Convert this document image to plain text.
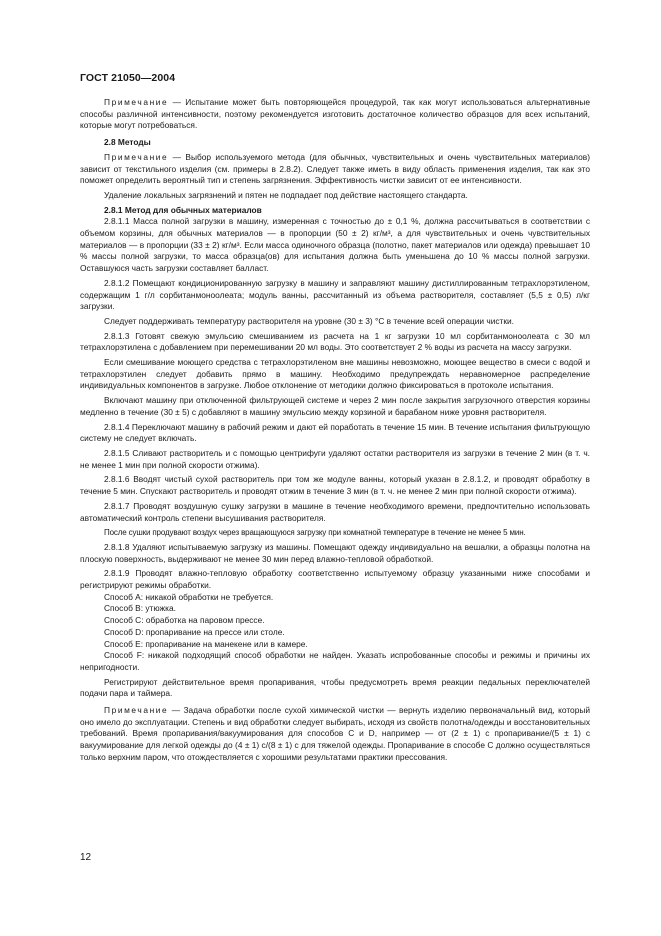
ГОСТ 21050—2004

Примечание — Испытание может быть повторяющейся процедурой, так как могут использоваться альтернативные способы различной интенсивности, поэтому рекомендуется изготовить достаточное количество образцов для всех испытаний, которые могут потребоваться.

2.8 Методы

Примечание — Выбор используемого метода (для обычных, чувствительных и очень чувствительных материалов) зависит от текстильного изделия (см. примеры в 2.8.2). Следует также иметь в виду область применения изделия, так как это поможет определить вероятный тип и степень загрязнения. Эффективность чистки зависит от ее интенсивности.

Удаление локальных загрязнений и пятен не подпадает под действие настоящего стандарта.

2.8.1 Метод для обычных материалов

2.8.1.1 Масса полной загрузки в машину, измеренная с точностью до ± 0,1 %, должна рассчитываться в соответствии с объемом корзины, для обычных материалов — в пропорции (50 ± 2) кг/м³, а для чувствительных и очень чувствительных материалов — в пропорции (33 ± 2) кг/м³. Если масса одиночного образца (полотно, пакет материалов или одежда) превышает 10 % массы полной загрузки, то масса образца(ов) для испытания должна быть уменьшена до 10 % массы полной загрузки. Оставшуюся часть загрузки составляет балласт.

2.8.1.2 Помещают кондиционированную загрузку в машину и заправляют машину дистиллированным тетрахлорэтиленом, содержащим 1 г/л сорбитанмоноолеата; модуль ванны, рассчитанный из объема растворителя, составляет (5,5 ± 0,5) л/кг загрузки.

Следует поддерживать температуру растворителя на уровне (30 ± 3) °С в течение всей операции чистки.

2.8.1.3 Готовят свежую эмульсию смешиванием из расчета на 1 кг загрузки 10 мл сорбитанмоноолеата с 30 мл тетрахлорэтилена с добавлением при перемешивании 20 мл воды. Это соответствует 2 % воды из расчета на массу загрузки.

Если смешивание моющего средства с тетрахлорэтиленом вне машины невозможно, моющее вещество в смеси с водой и тетрахлорэтилен следует добавить прямо в машину. Необходимо предупреждать неравномерное распределение индивидуальных компонентов в загрузке. Любое отклонение от методики должно фиксироваться в протоколе испытания.

Включают машину при отключенной фильтрующей системе и через 2 мин после закрытия загрузочного отверстия корзины медленно в течение (30 ± 5) с добавляют в машину эмульсию между корзиной и барабаном ниже уровня растворителя.

2.8.1.4 Переключают машину в рабочий режим и дают ей поработать в течение 15 мин. В течение испытания фильтрующую систему не следует включать.

2.8.1.5 Сливают растворитель и с помощью центрифуги удаляют остатки растворителя из загрузки в течение 2 мин (в т. ч. не менее 1 мин при полной скорости отжима).

2.8.1.6 Вводят чистый сухой растворитель при том же модуле ванны, который указан в 2.8.1.2, и проводят обработку в течение 5 мин. Спускают растворитель и проводят отжим в течение 3 мин (в т. ч. не менее 2 мин при полной скорости отжима).

2.8.1.7 Проводят воздушную сушку загрузки в машине в течение необходимого времени, предпочтительно использовать автоматический контроль степени высушивания растворителя.

После сушки продувают воздух через вращающуюся загрузку при комнатной температуре в течение не менее 5 мин.

2.8.1.8 Удаляют испытываемую загрузку из машины. Помещают одежду индивидуально на вешалки, а образцы полотна на плоскую поверхность, выдерживают не менее 30 мин перед влажно-тепловой обработкой.

2.8.1.9 Проводят влажно-тепловую обработку соответственно испытуемому образцу указанными ниже способами и регистрируют режимы обработки.

Способ A: никакой обработки не требуется.

Способ B: утюжка.

Способ C: обработка на паровом прессе.

Способ D: пропаривание на прессе или столе.

Способ E: пропаривание на манекене или в камере.

Способ F: никакой подходящий способ обработки не найден. Указать испробованные способы и режимы и причины их непригодности.

Регистрируют действительное время пропаривания, чтобы предусмотреть время реакции педальных переключателей подачи пара и таймера.

Примечание — Задача обработки после сухой химической чистки — вернуть изделию первоначальный вид, который оно имело до эксплуатации. Степень и вид обработки следует выбирать, исходя из свойств полотна/одежды и восстановительных требований. Время пропаривания/вакуумирования для способов C и D, например — от (2 ± 1) с пропаривание/(5 ± 1) с вакуумирование для легкой одежды до (4 ± 1) с/(8 ± 1) с для тяжелой одежды. Пропаривание в способе С должно осуществляться только верхним паром, что отождествляется с хорошими результатами практики прессования.

12
